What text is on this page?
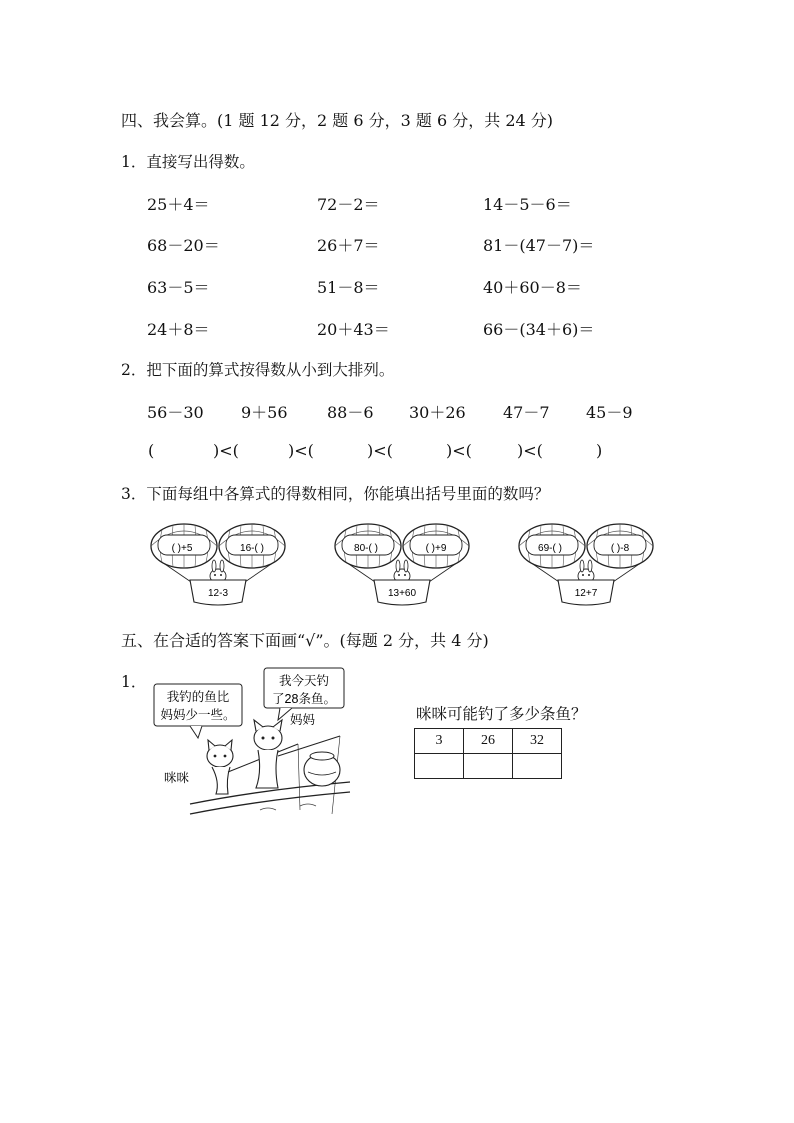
四、我会算。(1 题 12 分，2 题 6 分，3 题 6 分，共 24 分)
1．直接写出得数。
25＋4＝	72－2＝	14－5－6＝
68－20＝	26＋7＝	81－(47－7)＝
63－5＝	51－8＝	40＋60－8＝
24＋8＝	20＋43＝	66－(34＋6)＝
2．把下面的算式按得数从小到大排列。
56－30 9＋56 88－6 30＋26 47－7 45－9
(	)<(	)<(	)<(	)<(	)<(	)
3．下面每组中各算式的得数相同，你能填出括号里面的数吗？
( )+5	16-( )
12-3
80-( )	( )+9
13+60
69-( )	( )-8
12+7
五、在合适的答案下面画“√”。(每题 2 分，共 4 分)
1．
我钓的鱼比
妈妈少一些。
我今天钓
了28条鱼。
妈妈
咪咪
咪咪可能钓了多少条鱼？
3	26	32
